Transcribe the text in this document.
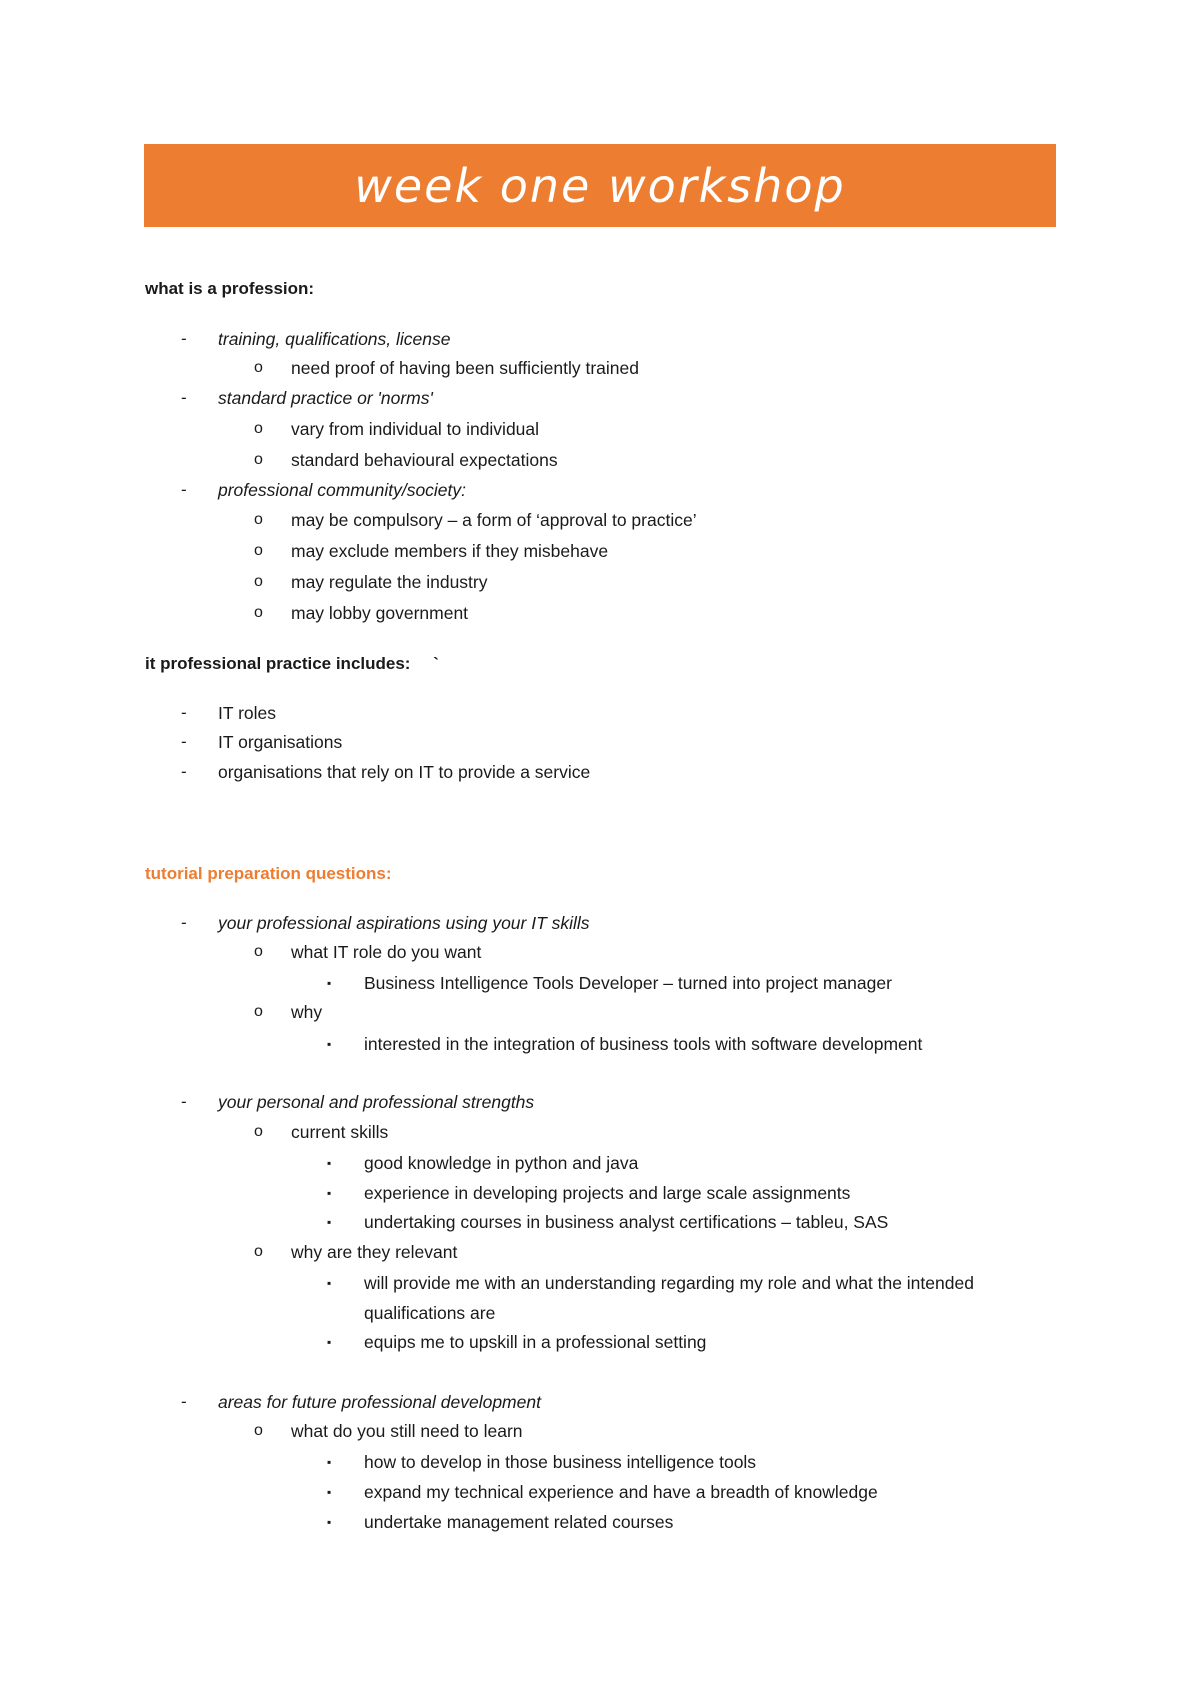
week one workshop
what is a profession:
- training, qualifications, license
o need proof of having been sufficiently trained
- standard practice or 'norms'
o vary from individual to individual
o standard behavioural expectations
- professional community/society:
o may be compulsory – a form of ‘approval to practice’
o may exclude members if they misbehave
o may regulate the industry
o may lobby government
it professional practice includes: `
- IT roles
- IT organisations
- organisations that rely on IT to provide a service
tutorial preparation questions:
- your professional aspirations using your IT skills
o what IT role do you want
▪ Business Intelligence Tools Developer – turned into project manager
o why
▪ interested in the integration of business tools with software development
- your personal and professional strengths
o current skills
▪ good knowledge in python and java
▪ experience in developing projects and large scale assignments
▪ undertaking courses in business analyst certifications – tableu, SAS
o why are they relevant
▪ will provide me with an understanding regarding my role and what the intended qualifications are
▪ equips me to upskill in a professional setting
- areas for future professional development
o what do you still need to learn
▪ how to develop in those business intelligence tools
▪ expand my technical experience and have a breadth of knowledge
▪ undertake management related courses
